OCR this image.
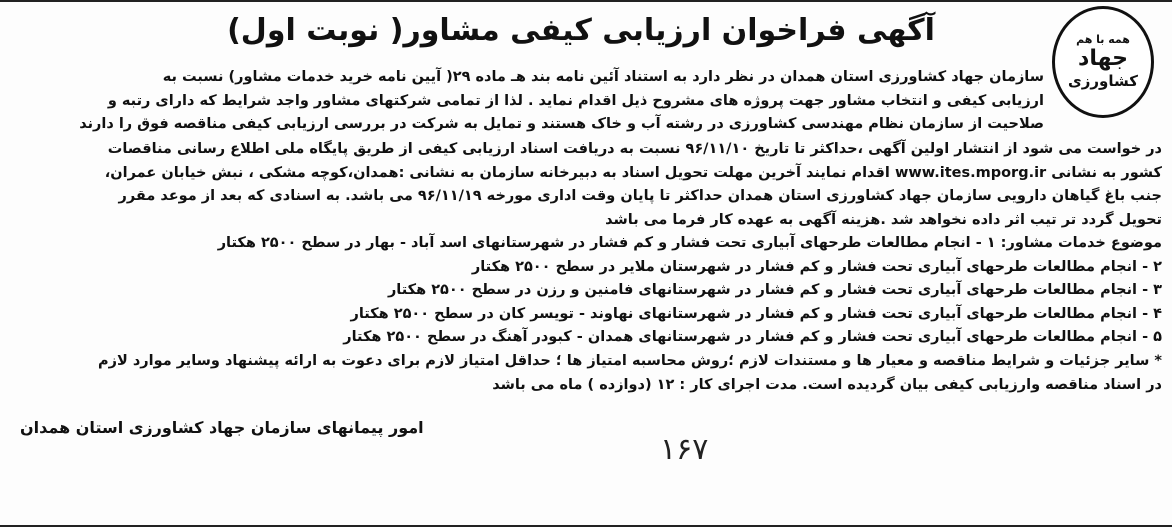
همه با هم
جهاد
کشاورزی
آگهی فراخوان ارزیابی کیفی مشاور( نوبت اول)
سازمان جهاد کشاورزی استان همدان در نظر دارد به استناد آئین نامه بند هـ ماده ۲۹( آیین نامه خرید خدمات مشاور) نسبت به
ارزیابی کیفی و انتخاب مشاور جهت پروژه های مشروح ذیل اقدام نماید . لذا از تمامی شرکتهای مشاور واجد شرایط که دارای رتبه و
صلاحیت از سازمان نظام مهندسی کشاورزی در رشته آب و خاک هستند و تمایل به شرکت در بررسی ارزیابی کیفی مناقصه فوق را دارند
در خواست می شود از انتشار اولین آگهی ،حداکثر تا تاریخ ۹۶/۱۱/۱۰ نسبت به دریافت اسناد ارزیابی کیفی از طریق پایگاه ملی اطلاع رسانی مناقصات
کشور به نشانی www.ites.mporg.ir اقدام نمایند آخرین مهلت تحویل اسناد به دبیرخانه سازمان به نشانی :همدان،کوچه مشکی ، نبش خیابان عمران،
جنب باغ گیاهان دارویی سازمان جهاد کشاورزی استان همدان حداکثر تا پایان وقت اداری مورخه ۹۶/۱۱/۱۹ می باشد. به اسنادی که بعد از موعد مقرر
تحویل گردد تر تیب اثر داده نخواهد شد .هزینه آگهی به عهده کار فرما می باشد
موضوع خدمات مشاور: ۱ - انجام مطالعات طرحهای آبیاری تحت فشار و کم فشار در شهرستانهای اسد آباد - بهار در سطح ۲۵۰۰ هکتار
۲ - انجام مطالعات طرحهای آبیاری تحت فشار و کم فشار در شهرستان ملایر در سطح ۲۵۰۰ هکتار
۳ - انجام مطالعات طرحهای آبیاری تحت فشار و کم فشار در شهرستانهای فامنین و رزن در سطح ۲۵۰۰ هکتار
۴ - انجام مطالعات طرحهای آبیاری تحت فشار و کم فشار در شهرستانهای نهاوند - تویسر کان در سطح ۲۵۰۰ هکتار
۵ - انجام مطالعات طرحهای آبیاری تحت فشار و کم فشار در شهرستانهای همدان - کبودر آهنگ در سطح ۲۵۰۰ هکتار
* سایر جزئیات و شرایط مناقصه و معیار ها و مستندات لازم ؛روش محاسبه امتیاز ها ؛ حداقل امتیاز لازم برای دعوت به ارائه پیشنهاد وسایر موارد لازم
در اسناد مناقصه وارزیابی کیفی بیان گردیده است. مدت اجرای کار : ۱۲ (دوازده ) ماه می باشد
امور پیمانهای سازمان جهاد کشاورزی استان همدان
۱۶۷
